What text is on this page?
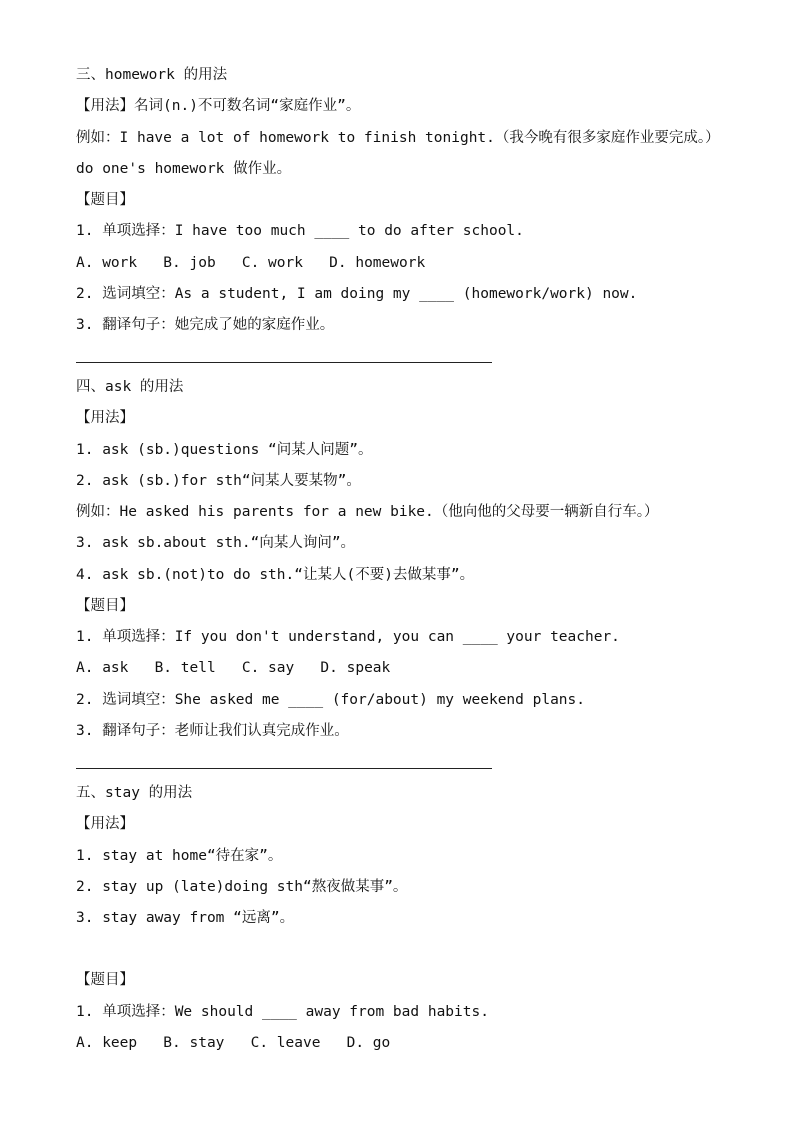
三、homework 的用法
【用法】名词(n.)不可数名词“家庭作业”。
例如：I have a lot of homework to finish tonight.（我今晚有很多家庭作业要完成。）
do one's homework 做作业。
【题目】
1. 单项选择：I have too much ____ to do after school.
A. work   B. job   C. work   D. homework
2. 选词填空：As a student, I am doing my ____ (homework/work) now.
3. 翻译句子：她完成了她的家庭作业。
四、ask 的用法
【用法】
1. ask (sb.)questions “问某人问题”。
2. ask (sb.)for sth“问某人要某物”。
例如：He asked his parents for a new bike.（他向他的父母要一辆新自行车。）
3. ask sb.about sth.“向某人询问”。
4. ask sb.(not)to do sth.“让某人(不要)去做某事”。
【题目】
1. 单项选择：If you don't understand, you can ____ your teacher.
A. ask   B. tell   C. say   D. speak
2. 选词填空：She asked me ____ (for/about) my weekend plans.
3. 翻译句子：老师让我们认真完成作业。
五、stay 的用法
【用法】
1. stay at home“待在家”。
2. stay up (late)doing sth“熬夜做某事”。
3. stay away from “远离”。
【题目】
1. 单项选择：We should ____ away from bad habits.
A. keep   B. stay   C. leave   D. go
